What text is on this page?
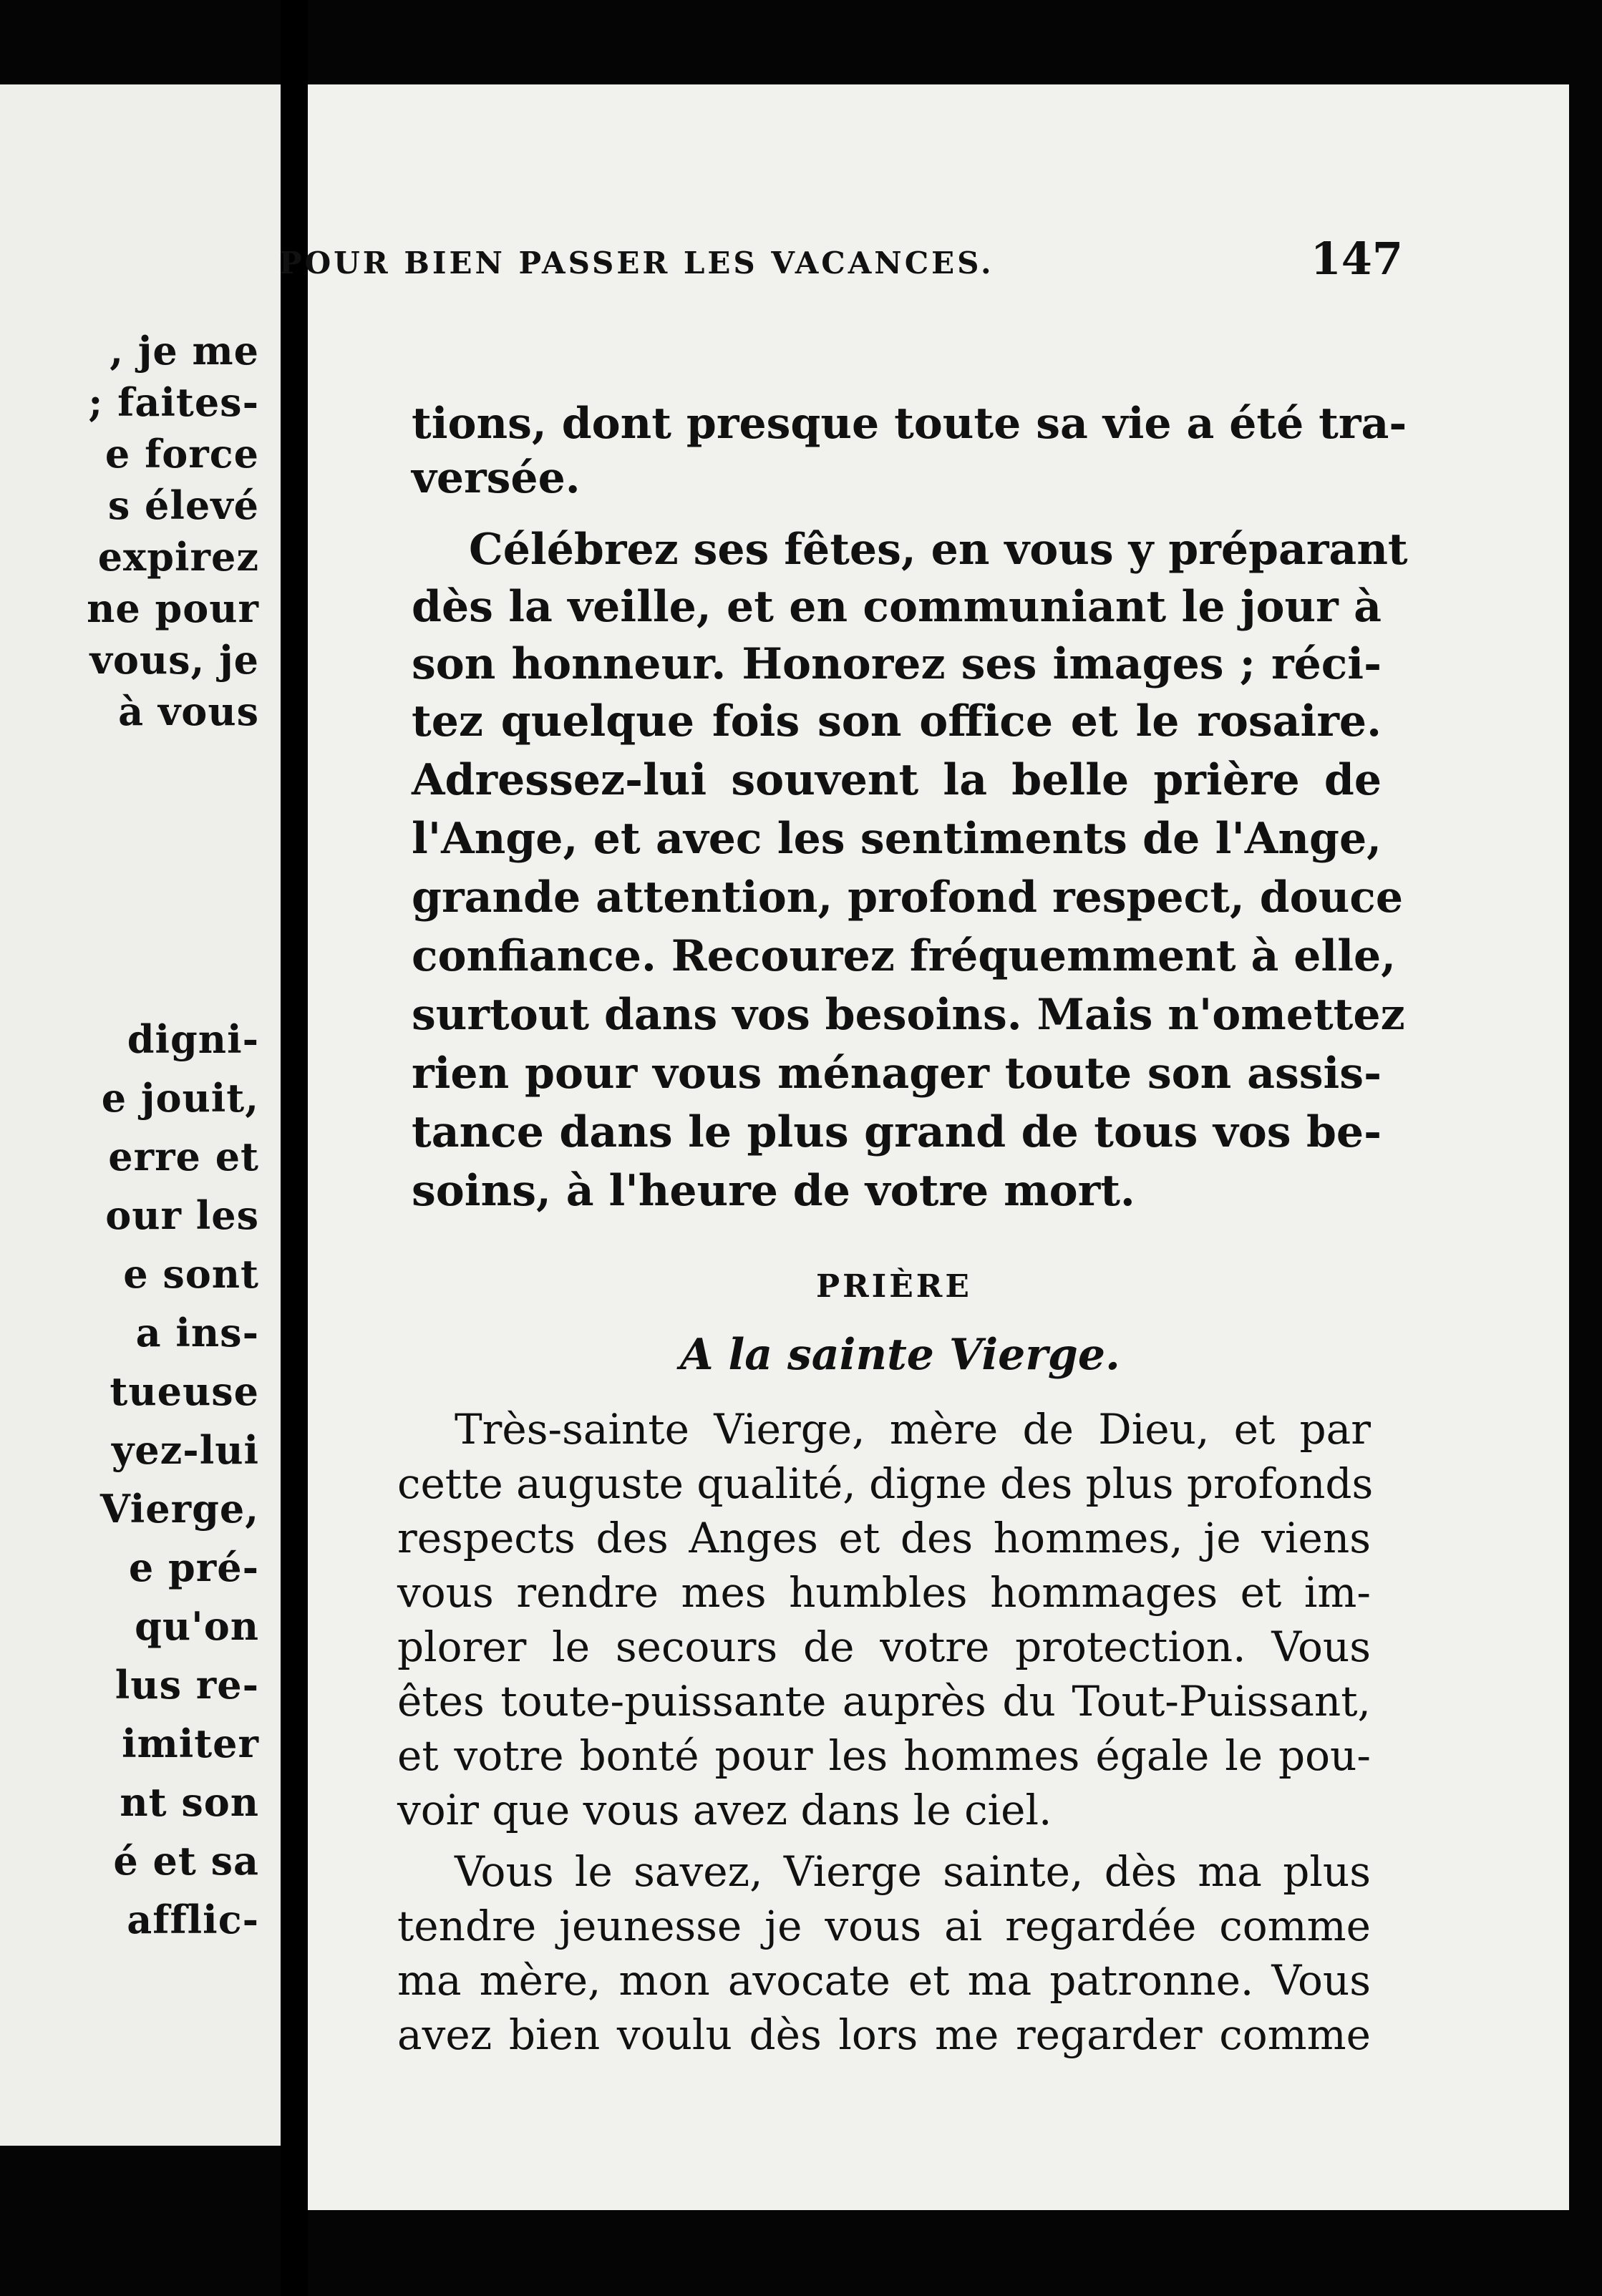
, je me
; faites-
e force
s élevé
expirez
ne pour
vous, je
à vous
digni-
e jouit,
erre et
our les
e sont
a ins-
tueuse
yez-lui
Vierge,
e pré-
qu'on
lus re-
imiter
nt son
é et sa
afflic-
POUR BIEN PASSER LES VACANCES.	147
tions, dont presque toute sa vie a été tra-
versée.
Célébrez ses fêtes, en vous y préparant
dès la veille, et en communiant le jour à
son honneur. Honorez ses images ; réci-
tez quelque fois son office et le rosaire.
Adressez-lui souvent la belle prière de
l'Ange, et avec les sentiments de l'Ange,
grande attention, profond respect, douce
confiance. Recourez fréquemment à elle,
surtout dans vos besoins. Mais n'omettez
rien pour vous ménager toute son assis-
tance dans le plus grand de tous vos be-
soins, à l'heure de votre mort.
PRIÈRE
A la sainte Vierge.
Très-sainte Vierge, mère de Dieu, et par
cette auguste qualité, digne des plus profonds
respects des Anges et des hommes, je viens
vous rendre mes humbles hommages et im-
plorer le secours de votre protection. Vous
êtes toute-puissante auprès du Tout-Puissant,
et votre bonté pour les hommes égale le pou-
voir que vous avez dans le ciel.
Vous le savez, Vierge sainte, dès ma plus
tendre jeunesse je vous ai regardée comme
ma mère, mon avocate et ma patronne. Vous
avez bien voulu dès lors me regarder comme
